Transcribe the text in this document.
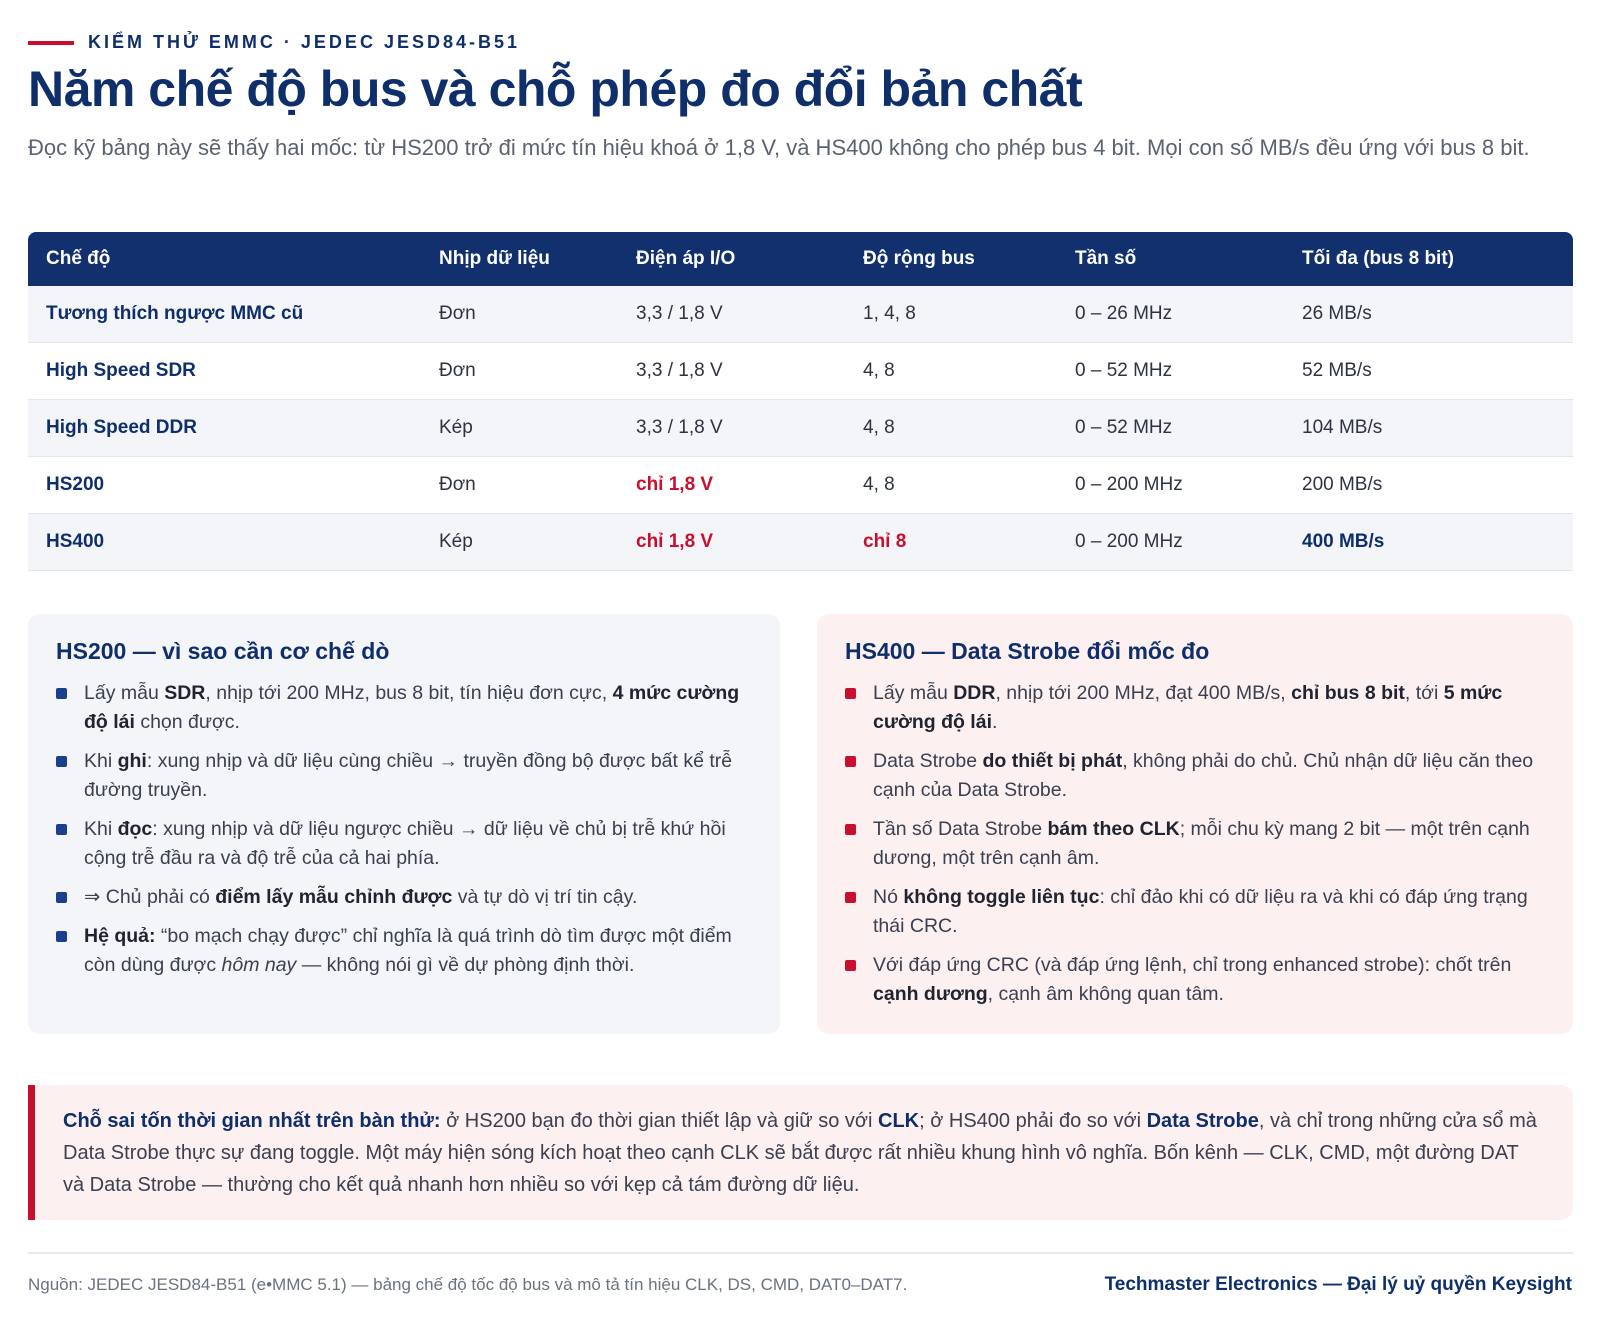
KIỂM THỬ EMMC · JEDEC JESD84-B51
Năm chế độ bus và chỗ phép đo đổi bản chất

Đọc kỹ bảng này sẽ thấy hai mốc: từ HS200 trở đi mức tín hiệu khoá ở 1,8 V, và HS400 không cho phép bus 4 bit. Mọi con số MB/s đều ứng với bus 8 bit.

Chế độ	Nhịp dữ liệu	Điện áp I/O	Độ rộng bus	Tần số	Tối đa (bus 8 bit)
Tương thích ngược MMC cũ	Đơn	3,3 / 1,8 V	1, 4, 8	0 – 26 MHz	26 MB/s
High Speed SDR	Đơn	3,3 / 1,8 V	4, 8	0 – 52 MHz	52 MB/s
High Speed DDR	Kép	3,3 / 1,8 V	4, 8	0 – 52 MHz	104 MB/s
HS200	Đơn	chỉ 1,8 V	4, 8	0 – 200 MHz	200 MB/s
HS400	Kép	chỉ 1,8 V	chỉ 8	0 – 200 MHz	400 MB/s
HS200 — vì sao cần cơ chế dò
Lấy mẫu SDR, nhịp tới 200 MHz, bus 8 bit, tín hiệu đơn cực, 4 mức cường độ lái chọn được.
Khi ghi: xung nhịp và dữ liệu cùng chiều → truyền đồng bộ được bất kể trễ đường truyền.
Khi đọc: xung nhịp và dữ liệu ngược chiều → dữ liệu về chủ bị trễ khứ hồi cộng trễ đầu ra và độ trễ của cả hai phía.
⇒ Chủ phải có điểm lấy mẫu chỉnh được và tự dò vị trí tin cậy.
Hệ quả: “bo mạch chạy được” chỉ nghĩa là quá trình dò tìm được một điểm còn dùng được hôm nay — không nói gì về dự phòng định thời.
HS400 — Data Strobe đổi mốc đo
Lấy mẫu DDR, nhịp tới 200 MHz, đạt 400 MB/s, chỉ bus 8 bit, tới 5 mức cường độ lái.
Data Strobe do thiết bị phát, không phải do chủ. Chủ nhận dữ liệu căn theo cạnh của Data Strobe.
Tần số Data Strobe bám theo CLK; mỗi chu kỳ mang 2 bit — một trên cạnh dương, một trên cạnh âm.
Nó không toggle liên tục: chỉ đảo khi có dữ liệu ra và khi có đáp ứng trạng thái CRC.
Với đáp ứng CRC (và đáp ứng lệnh, chỉ trong enhanced strobe): chốt trên cạnh dương, cạnh âm không quan tâm.
Chỗ sai tốn thời gian nhất trên bàn thử: ở HS200 bạn đo thời gian thiết lập và giữ so với CLK; ở HS400 phải đo so với Data Strobe, và chỉ trong những cửa sổ mà Data Strobe thực sự đang toggle. Một máy hiện sóng kích hoạt theo cạnh CLK sẽ bắt được rất nhiều khung hình vô nghĩa. Bốn kênh — CLK, CMD, một đường DAT và Data Strobe — thường cho kết quả nhanh hơn nhiều so với kẹp cả tám đường dữ liệu.
Nguồn: JEDEC JESD84-B51 (e•MMC 5.1) — bảng chế độ tốc độ bus và mô tả tín hiệu CLK, DS, CMD, DAT0–DAT7.	Techmaster Electronics — Đại lý uỷ quyền Keysight
